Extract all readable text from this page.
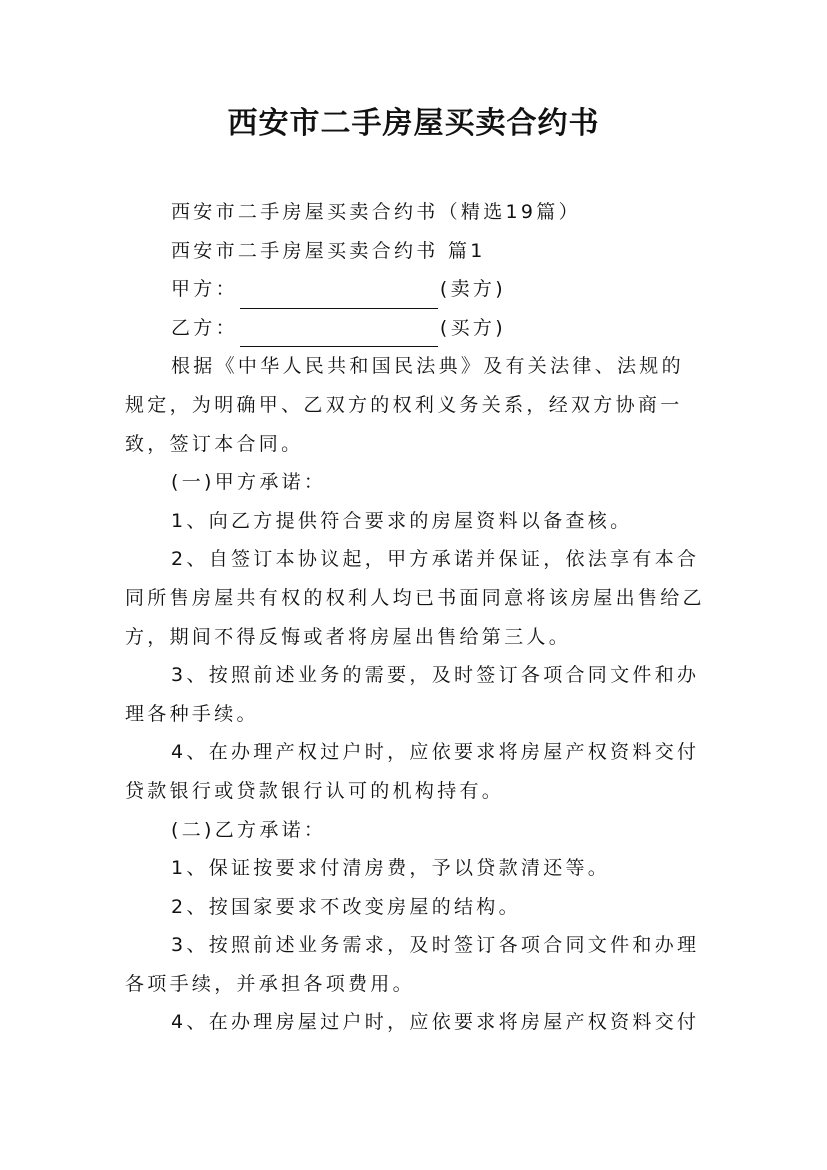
西安市二手房屋买卖合约书

西安市二手房屋买卖合约书（精选19篇）

西安市二手房屋买卖合约书 篇1

甲方：	(卖方)

乙方：	(买方)

根据《中华人民共和国民法典》及有关法律、法规的规定，为明确甲、乙双方的权利义务关系，经双方协商一致，签订本合同。

(一)甲方承诺：

1、向乙方提供符合要求的房屋资料以备查核。

2、自签订本协议起，甲方承诺并保证，依法享有本合同所售房屋共有权的权利人均已书面同意将该房屋出售给乙方，期间不得反悔或者将房屋出售给第三人。

3、按照前述业务的需要，及时签订各项合同文件和办理各种手续。

4、在办理产权过户时，应依要求将房屋产权资料交付贷款银行或贷款银行认可的机构持有。

(二)乙方承诺：

1、保证按要求付清房费，予以贷款清还等。

2、按国家要求不改变房屋的结构。

3、按照前述业务需求，及时签订各项合同文件和办理各项手续，并承担各项费用。

4、在办理房屋过户时，应依要求将房屋产权资料交付
